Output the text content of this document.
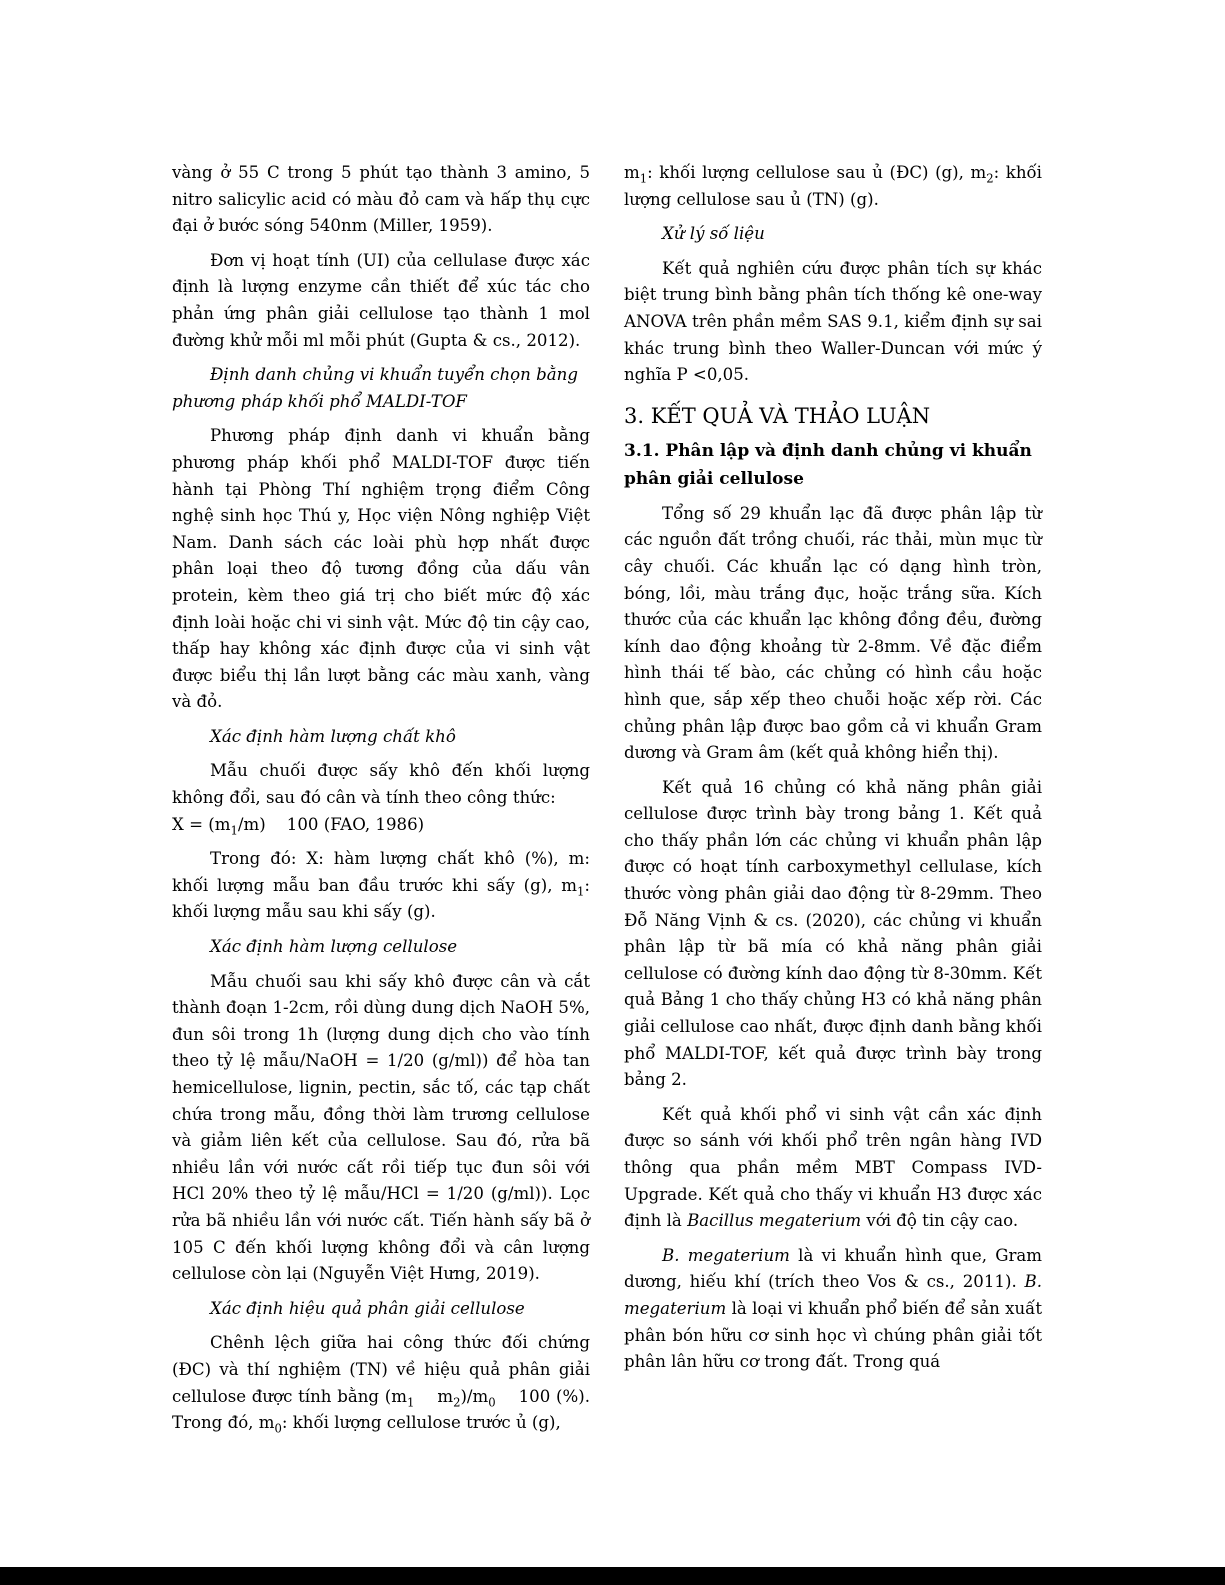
vàng ở 55 C trong 5 phút tạo thành 3 amino, 5 nitro salicylic acid có màu đỏ cam và hấp thụ cực đại ở bước sóng 540nm (Miller, 1959).

Đơn vị hoạt tính (UI) của cellulase được xác định là lượng enzyme cần thiết để xúc tác cho phản ứng phân giải cellulose tạo thành 1 mol đường khử mỗi ml mỗi phút (Gupta & cs., 2012).

Định danh chủng vi khuẩn tuyển chọn bằng phương pháp khối phổ MALDI-TOF

Phương pháp định danh vi khuẩn bằng phương pháp khối phổ MALDI-TOF được tiến hành tại Phòng Thí nghiệm trọng điểm Công nghệ sinh học Thú y, Học viện Nông nghiệp Việt Nam. Danh sách các loài phù hợp nhất được phân loại theo độ tương đồng của dấu vân protein, kèm theo giá trị cho biết mức độ xác định loài hoặc chi vi sinh vật. Mức độ tin cậy cao, thấp hay không xác định được của vi sinh vật được biểu thị lần lượt bằng các màu xanh, vàng và đỏ.

Xác định hàm lượng chất khô

Mẫu chuối được sấy khô đến khối lượng không đổi, sau đó cân và tính theo công thức:

$X = (m_1/m)$    100 (FAO, 1986)

Trong đó: X: hàm lượng chất khô (%), m: khối lượng mẫu ban đầu trước khi sấy (g), $m_1$: khối lượng mẫu sau khi sấy (g).

Xác định hàm lượng cellulose

Mẫu chuối sau khi sấy khô được cân và cắt thành đoạn 1-2cm, rồi dùng dung dịch NaOH 5%, đun sôi trong 1h (lượng dung dịch cho vào tính theo tỷ lệ mẫu/NaOH = 1/20 (g/ml)) để hòa tan hemicellulose, lignin, pectin, sắc tố, các tạp chất chứa trong mẫu, đồng thời làm trương cellulose và giảm liên kết của cellulose. Sau đó, rửa bã nhiều lần với nước cất rồi tiếp tục đun sôi với HCl 20% theo tỷ lệ mẫu/HCl = 1/20 (g/ml)). Lọc rửa bã nhiều lần với nước cất. Tiến hành sấy bã ở 105 C đến khối lượng không đổi và cân lượng cellulose còn lại (Nguyễn Việt Hưng, 2019).

Xác định hiệu quả phân giải cellulose

Chênh lệch giữa hai công thức đối chứng (ĐC) và thí nghiệm (TN) về hiệu quả phân giải cellulose được tính bằng ($m_1$    $m_2)/m_0$    100 (%). Trong đó, $m_0$: khối lượng cellulose trước ủ (g),

$m_1$: khối lượng cellulose sau ủ (ĐC) (g), $m_2$: khối lượng cellulose sau ủ (TN) (g).

Xử lý số liệu

Kết quả nghiên cứu được phân tích sự khác biệt trung bình bằng phân tích thống kê one-way ANOVA trên phần mềm SAS 9.1, kiểm định sự sai khác trung bình theo Waller-Duncan với mức ý nghĩa P <0,05.

3. KẾT QUẢ VÀ THẢO LUẬN
3.1. Phân lập và định danh chủng vi khuẩn phân giải cellulose

Tổng số 29 khuẩn lạc đã được phân lập từ các nguồn đất trồng chuối, rác thải, mùn mục từ cây chuối. Các khuẩn lạc có dạng hình tròn, bóng, lồi, màu trắng đục, hoặc trắng sữa. Kích thước của các khuẩn lạc không đồng đều, đường kính dao động khoảng từ 2-8mm. Về đặc điểm hình thái tế bào, các chủng có hình cầu hoặc hình que, sắp xếp theo chuỗi hoặc xếp rời. Các chủng phân lập được bao gồm cả vi khuẩn Gram dương và Gram âm (kết quả không hiển thị).

Kết quả 16 chủng có khả năng phân giải cellulose được trình bày trong bảng 1. Kết quả cho thấy phần lớn các chủng vi khuẩn phân lập được có hoạt tính carboxymethyl cellulase, kích thước vòng phân giải dao động từ 8-29mm. Theo Đỗ Năng Vịnh & cs. (2020), các chủng vi khuẩn phân lập từ bã mía có khả năng phân giải cellulose có đường kính dao động từ 8-30mm. Kết quả Bảng 1 cho thấy chủng H3 có khả năng phân giải cellulose cao nhất, được định danh bằng khối phổ MALDI-TOF, kết quả được trình bày trong bảng 2.

Kết quả khối phổ vi sinh vật cần xác định được so sánh với khối phổ trên ngân hàng IVD thông qua phần mềm MBT Compass IVD-Upgrade. Kết quả cho thấy vi khuẩn H3 được xác định là Bacillus megaterium với độ tin cậy cao.

B. megaterium là vi khuẩn hình que, Gram dương, hiếu khí (trích theo Vos & cs., 2011). B. megaterium là loại vi khuẩn phổ biến để sản xuất phân bón hữu cơ sinh học vì chúng phân giải tốt phân lân hữu cơ trong đất. Trong quá
